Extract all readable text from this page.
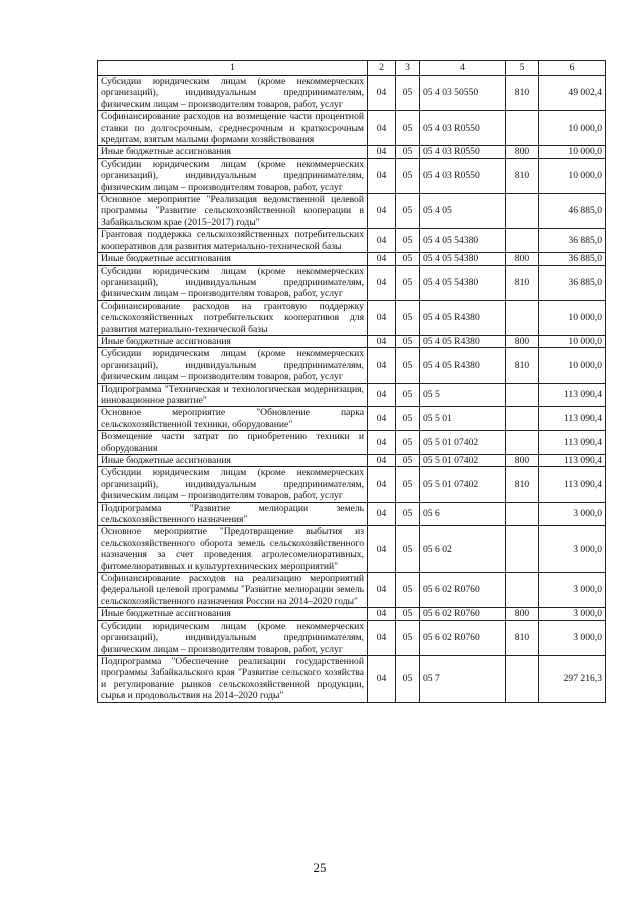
1	2	3	4	5	6
Субсидии юридическим лицам (кроме некоммерческих организаций), индивидуальным предпринимателям, физическим лицам – производителям товаров, работ, услуг	04	05	05 4 03 50550	810	49 002,4
Софинансирование расходов на возмещение части процентной ставки по долгосрочным, среднесрочным и краткосрочным кредитам, взятым малыми формами хозяйствования	04	05	05 4 03 R0550		10 000,0
Иные бюджетные ассигнования	04	05	05 4 03 R0550	800	10 000,0
Субсидии юридическим лицам (кроме некоммерческих организаций), индивидуальным предпринимателям, физическим лицам – производителям товаров, работ, услуг	04	05	05 4 03 R0550	810	10 000,0
Основное мероприятие "Реализация ведомственной целевой программы "Развитие сельскохозяйственной кооперации в Забайкальском крае (2015–2017) годы"	04	05	05 4 05		46 885,0
Грантовая поддержка сельскохозяйственных потребительских кооперативов для развития материально-технической базы	04	05	05 4 05 54380		36 885,0
Иные бюджетные ассигнования	04	05	05 4 05 54380	800	36 885,0
Субсидии юридическим лицам (кроме некоммерческих организаций), индивидуальным предпринимателям, физическим лицам – производителям товаров, работ, услуг	04	05	05 4 05 54380	810	36 885,0
Софинансирование расходов на грантовую поддержку сельскохозяйственных потребительских кооперативов для развития материально-технической базы	04	05	05 4 05 R4380		10 000,0
Иные бюджетные ассигнования	04	05	05 4 05 R4380	800	10 000,0
Субсидии юридическим лицам (кроме некоммерческих организаций), индивидуальным предпринимателям, физическим лицам – производителям товаров, работ, услуг	04	05	05 4 05 R4380	810	10 000,0
Подпрограмма "Техническая и технологическая модернизация, инновационное развитие"	04	05	05 5		113 090,4
Основное мероприятие "Обновление парка сельскохозяйственной техники, оборудование"	04	05	05 5 01		113 090,4
Возмещение части затрат по приобретению техники и оборудования	04	05	05 5 01 07402		113 090,4
Иные бюджетные ассигнования	04	05	05 5 01 07402	800	113 090,4
Субсидии юридическим лицам (кроме некоммерческих организаций), индивидуальным предпринимателям, физическим лицам – производителям товаров, работ, услуг	04	05	05 5 01 07402	810	113 090,4
Подпрограмма "Развитие мелиорации земель сельскохозяйственного назначения"	04	05	05 6		3 000,0
Основное мероприятие "Предотвращение выбытия из сельскохозяйственного оборота земель сельскохозяйственного назначения за счет проведения агролесомелиоративных, фитомелиоративных и культуртехнических мероприятий"	04	05	05 6 02		3 000,0
Софинансирование расходов на реализацию мероприятий федеральной целевой программы "Развитие мелиорации земель сельскохозяйственного назначения России на 2014–2020 годы"	04	05	05 6 02 R0760		3 000,0
Иные бюджетные ассигнования	04	05	05 6 02 R0760	800	3 000,0
Субсидии юридическим лицам (кроме некоммерческих организаций), индивидуальным предпринимателям, физическим лицам – производителям товаров, работ, услуг	04	05	05 6 02 R0760	810	3 000,0
Подпрограмма "Обеспечение реализации государственной программы Забайкальского края "Развитие сельского хозяйства и регулирование рынков сельскохозяйственной продукции, сырья и продовольствия на 2014–2020 годы"	04	05	05 7		297 216,3
25
